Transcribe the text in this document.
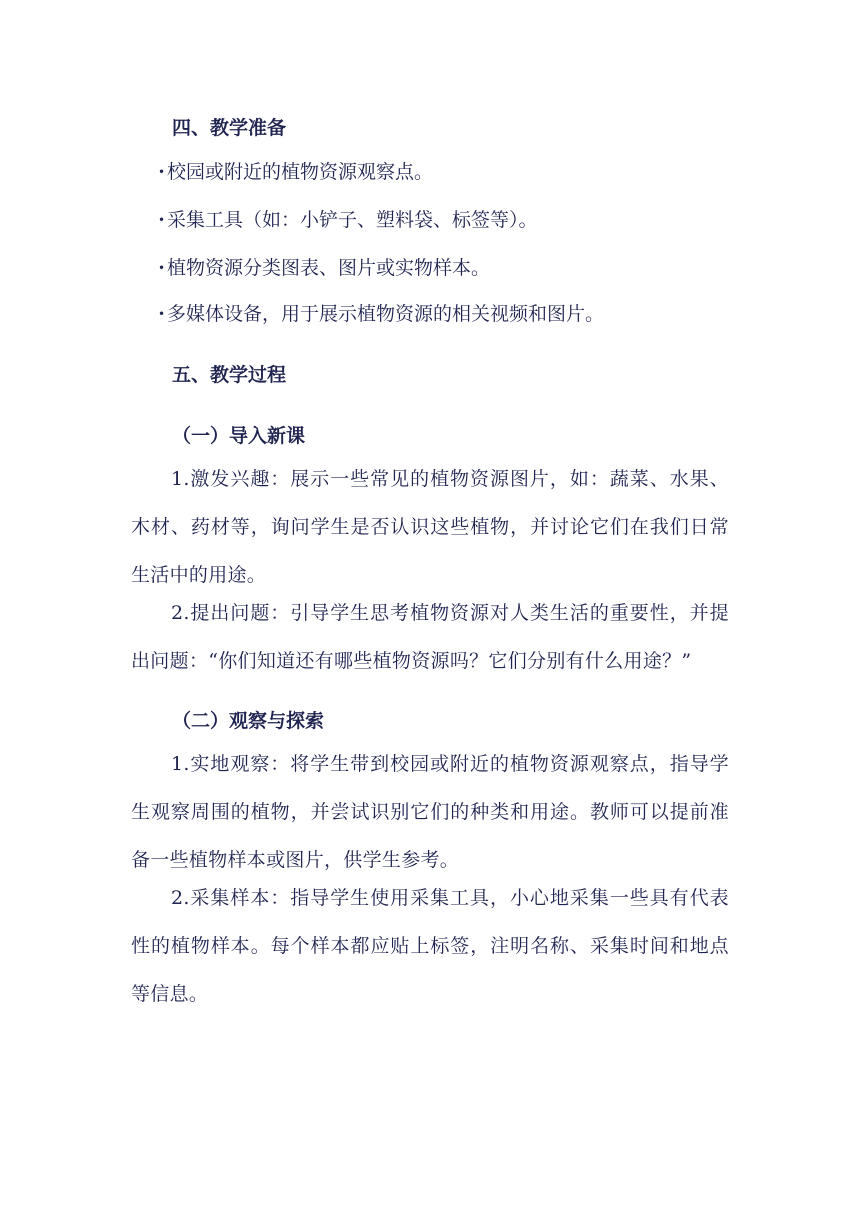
四、教学准备
• 校园或附近的植物资源观察点。
• 采集工具（如：小铲子、塑料袋、标签等）。
• 植物资源分类图表、图片或实物样本。
• 多媒体设备，用于展示植物资源的相关视频和图片。
五、教学过程
（一）导入新课
1.激发兴趣：展示一些常见的植物资源图片，如：蔬菜、水果、木材、药材等，询问学生是否认识这些植物，并讨论它们在我们日常生活中的用途。
2.提出问题：引导学生思考植物资源对人类生活的重要性，并提出问题：“你们知道还有哪些植物资源吗？它们分别有什么用途？”
（二）观察与探索
1.实地观察：将学生带到校园或附近的植物资源观察点，指导学生观察周围的植物，并尝试识别它们的种类和用途。教师可以提前准备一些植物样本或图片，供学生参考。
2.采集样本：指导学生使用采集工具，小心地采集一些具有代表性的植物样本。每个样本都应贴上标签，注明名称、采集时间和地点等信息。
